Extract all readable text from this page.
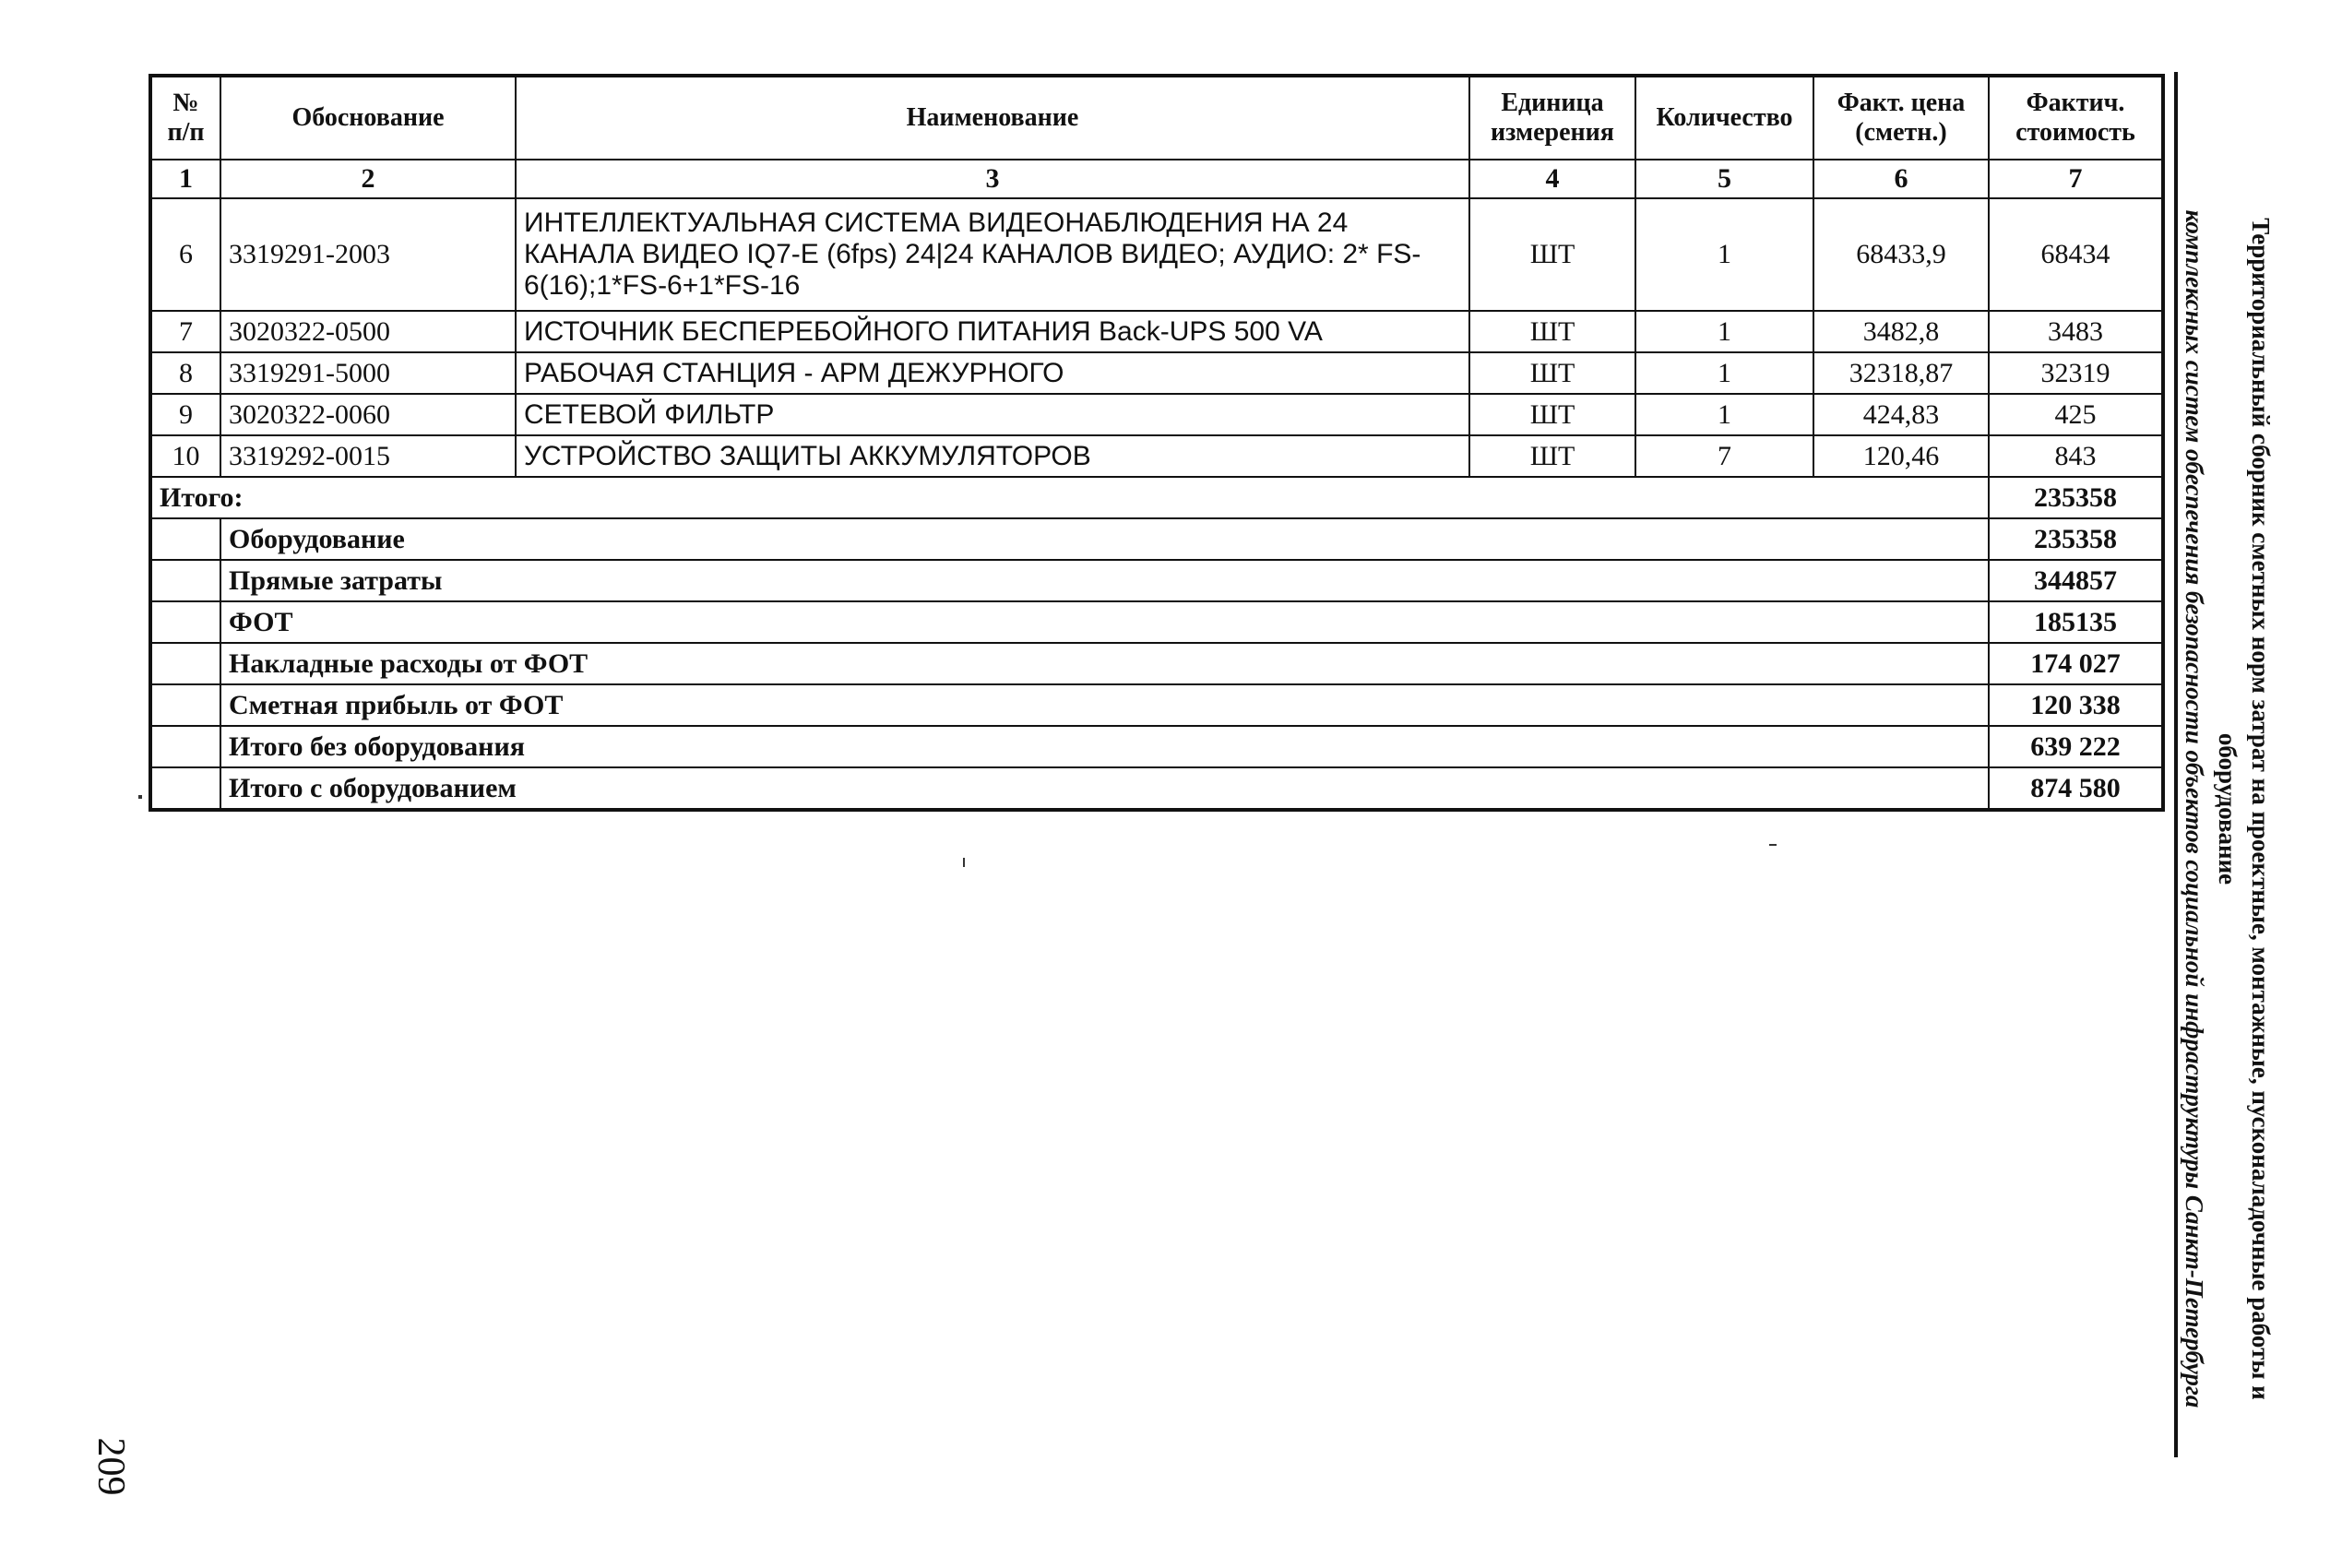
№ п/п	Обоснование	Наименование	Единица измерения	Количество	Факт. цена (сметн.)	Фактич. стоимость
1	2	3	4	5	6	7
6	3319291-2003	ИНТЕЛЛЕКТУАЛЬНАЯ СИСТЕМА ВИДЕОНАБЛЮДЕНИЯ НА 24 КАНАЛА ВИДЕО IQ7-E (6fps) 24|24 КАНАЛОВ ВИДЕО; АУДИО: 2* FS-6(16);1*FS-6+1*FS-16	ШТ	1	68433,9	68434
7	3020322-0500	ИСТОЧНИК БЕСПЕРЕБОЙНОГО ПИТАНИЯ Back-UPS 500 VA	ШТ	1	3482,8	3483
8	3319291-5000	РАБОЧАЯ СТАНЦИЯ - АРМ ДЕЖУРНОГО	ШТ	1	32318,87	32319
9	3020322-0060	СЕТЕВОЙ ФИЛЬТР	ШТ	1	424,83	425
10	3319292-0015	УСТРОЙСТВО ЗАЩИТЫ АККУМУЛЯТОРОВ	ШТ	7	120,46	843
Итого:						235358
	Оборудование					235358
	Прямые затраты					344857
	ФОТ					185135
	Накладные расходы от ФОТ					174 027
	Сметная прибыль от ФОТ					120 338
	Итого без оборудования					639 222
	Итого с оборудованием					874 580	Территориальный сборник сметных норм затрат на проектные, монтажные, пусконаладочные работы и оборудование
комплексных систем обеспечения безопасности объектов социальной инфраструктуры Санкт-Петербурга
209
